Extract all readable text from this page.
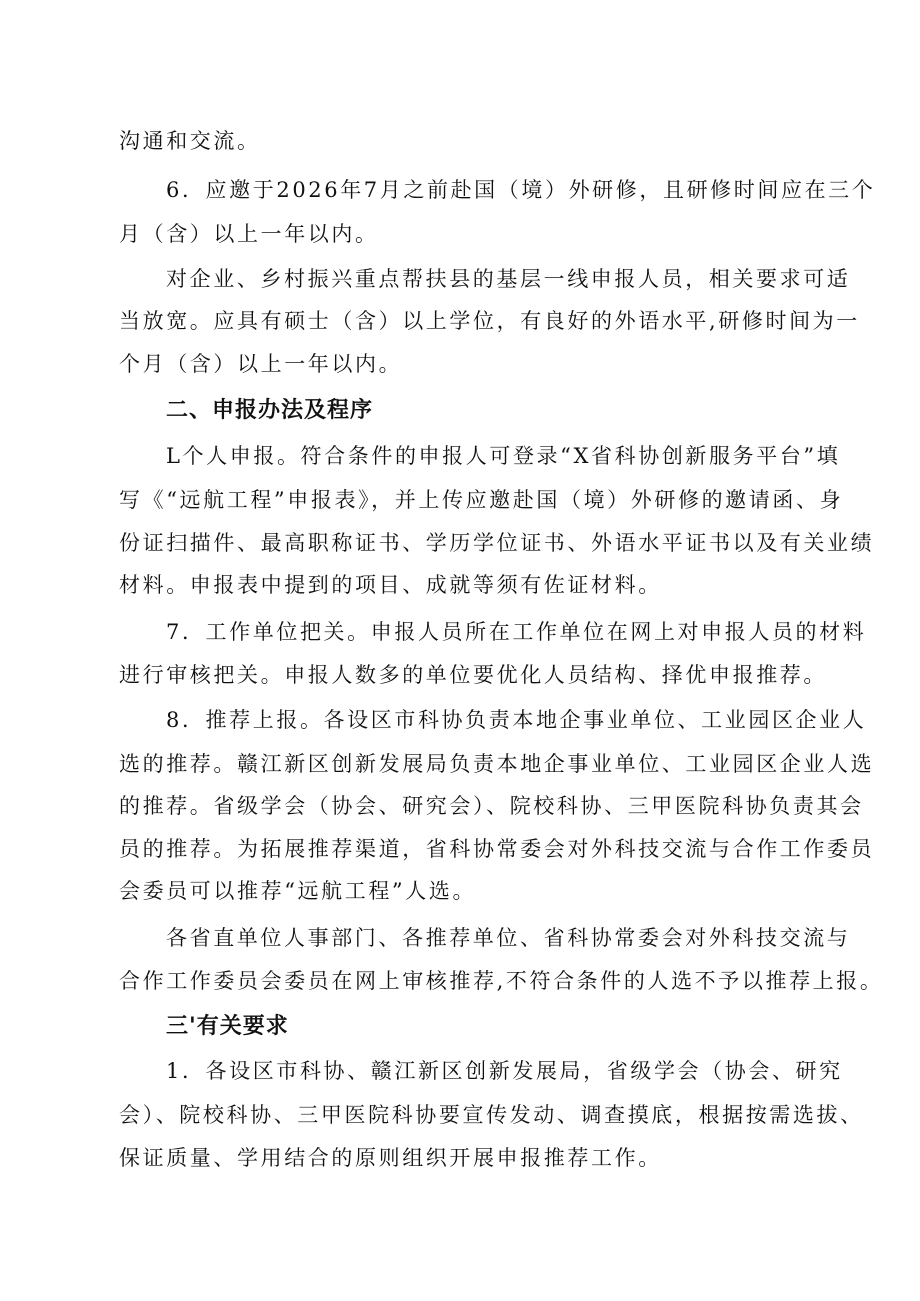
沟通和交流。
6．应邀于2026年7月之前赴国（境）外研修，且研修时间应在三个
月（含）以上一年以内。
对企业、乡村振兴重点帮扶县的基层一线申报人员，相关要求可适
当放宽。应具有硕士（含）以上学位，有良好的外语水平,研修时间为一
个月（含）以上一年以内。
二、申报办法及程序
L个人申报。符合条件的申报人可登录“X省科协创新服务平台”填
写《“远航工程”申报表》，并上传应邀赴国（境）外研修的邀请函、身
份证扫描件、最高职称证书、学历学位证书、外语水平证书以及有关业绩
材料。申报表中提到的项目、成就等须有佐证材料。
7．工作单位把关。申报人员所在工作单位在网上对申报人员的材料
进行审核把关。申报人数多的单位要优化人员结构、择优申报推荐。
8．推荐上报。各设区市科协负责本地企事业单位、工业园区企业人
选的推荐。赣江新区创新发展局负责本地企事业单位、工业园区企业人选
的推荐。省级学会（协会、研究会）、院校科协、三甲医院科协负责其会
员的推荐。为拓展推荐渠道，省科协常委会对外科技交流与合作工作委员
会委员可以推荐“远航工程”人选。
各省直单位人事部门、各推荐单位、省科协常委会对外科技交流与
合作工作委员会委员在网上审核推荐,不符合条件的人选不予以推荐上报。
三'有关要求
1．各设区市科协、赣江新区创新发展局，省级学会（协会、研究
会）、院校科协、三甲医院科协要宣传发动、调查摸底，根据按需选拔、
保证质量、学用结合的原则组织开展申报推荐工作。
